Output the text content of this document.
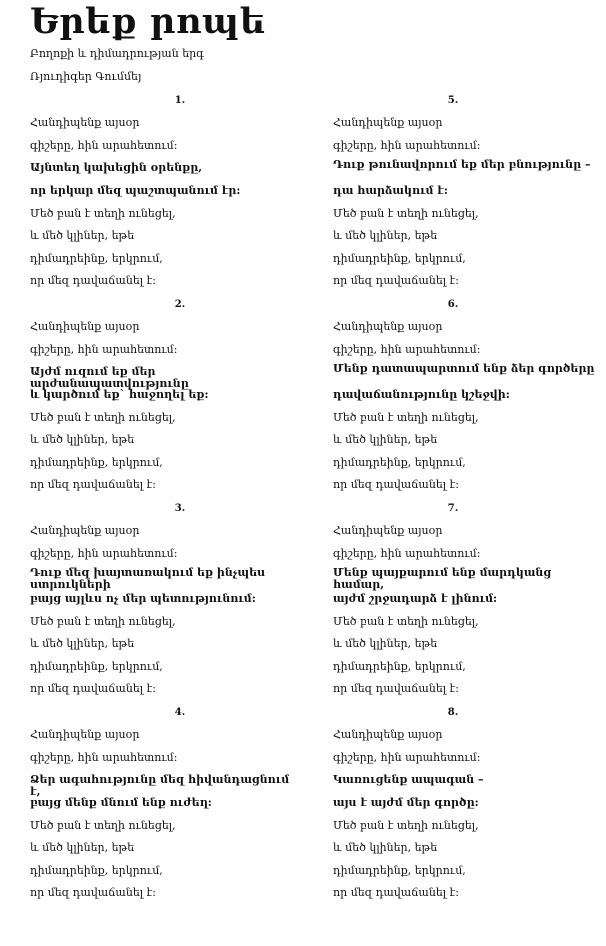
Երեք րոպե
Բողոքի և դիմադրության երգ
Ռյուդիգեր Գումմեյ
1.
Հանդիպենք այսօր
գիշերը, հին արահետում:
Այնտեղ կախեցին օրենքը,
որ երկար մեզ պաշտպանում էր:
Մեծ բան է տեղի ունեցել,
և մեծ կլիներ, եթե
դիմադրեինք, երկրում,
որ մեզ դավաճանել է:
2.
Հանդիպենք այսօր
գիշերը, հին արահետում:
Այժմ ուզում եք մեր արժանապատվությունը
և կարծում եք` հաջողել եք:
Մեծ բան է տեղի ունեցել,
և մեծ կլիներ, եթե
դիմադրեինք, երկրում,
որ մեզ դավաճանել է:
3.
Հանդիպենք այսօր
գիշերը, հին արահետում:
Դուք մեզ խայտառակում եք ինչպես ստրուկների
բայց այլևս ոչ մեր պետությունում:
Մեծ բան է տեղի ունեցել,
և մեծ կլիներ, եթե
դիմադրեինք, երկրում,
որ մեզ դավաճանել է:
4.
Հանդիպենք այսօր
գիշերը, հին արահետում:
Ձեր ագահությունը մեզ հիվանդացնում է,
բայց մենք մնում ենք ուժեղ:
Մեծ բան է տեղի ունեցել,
և մեծ կլիներ, եթե
դիմադրեինք, երկրում,
որ մեզ դավաճանել է:
5.
Հանդիպենք այսօր
գիշերը, հին արահետում:
Դուք թունավորում եք մեր բնությունը –
դա հարձակում է:
Մեծ բան է տեղի ունեցել,
և մեծ կլիներ, եթե
դիմադրեինք, երկրում,
որ մեզ դավաճանել է:
6.
Հանդիպենք այսօր
գիշերը, հին արահետում:
Մենք դատապարտում ենք ձեր գործերը
դավաճանությունը կշեջվի:
Մեծ բան է տեղի ունեցել,
և մեծ կլիներ, եթե
դիմադրեինք, երկրում,
որ մեզ դավաճանել է:
7.
Հանդիպենք այսօր
գիշերը, հին արահետում:
Մենք պայքարում ենք մարդկանց համար,
այժմ շրջադարձ է լինում:
Մեծ բան է տեղի ունեցել,
և մեծ կլիներ, եթե
դիմադրեինք, երկրում,
որ մեզ դավաճանել է:
8.
Հանդիպենք այսօր
գիշերը, հին արահետում:
Կառուցենք ապագան –
այս է այժմ մեր գործը:
Մեծ բան է տեղի ունեցել,
և մեծ կլիներ, եթե
դիմադրեինք, երկրում,
որ մեզ դավաճանել է:
